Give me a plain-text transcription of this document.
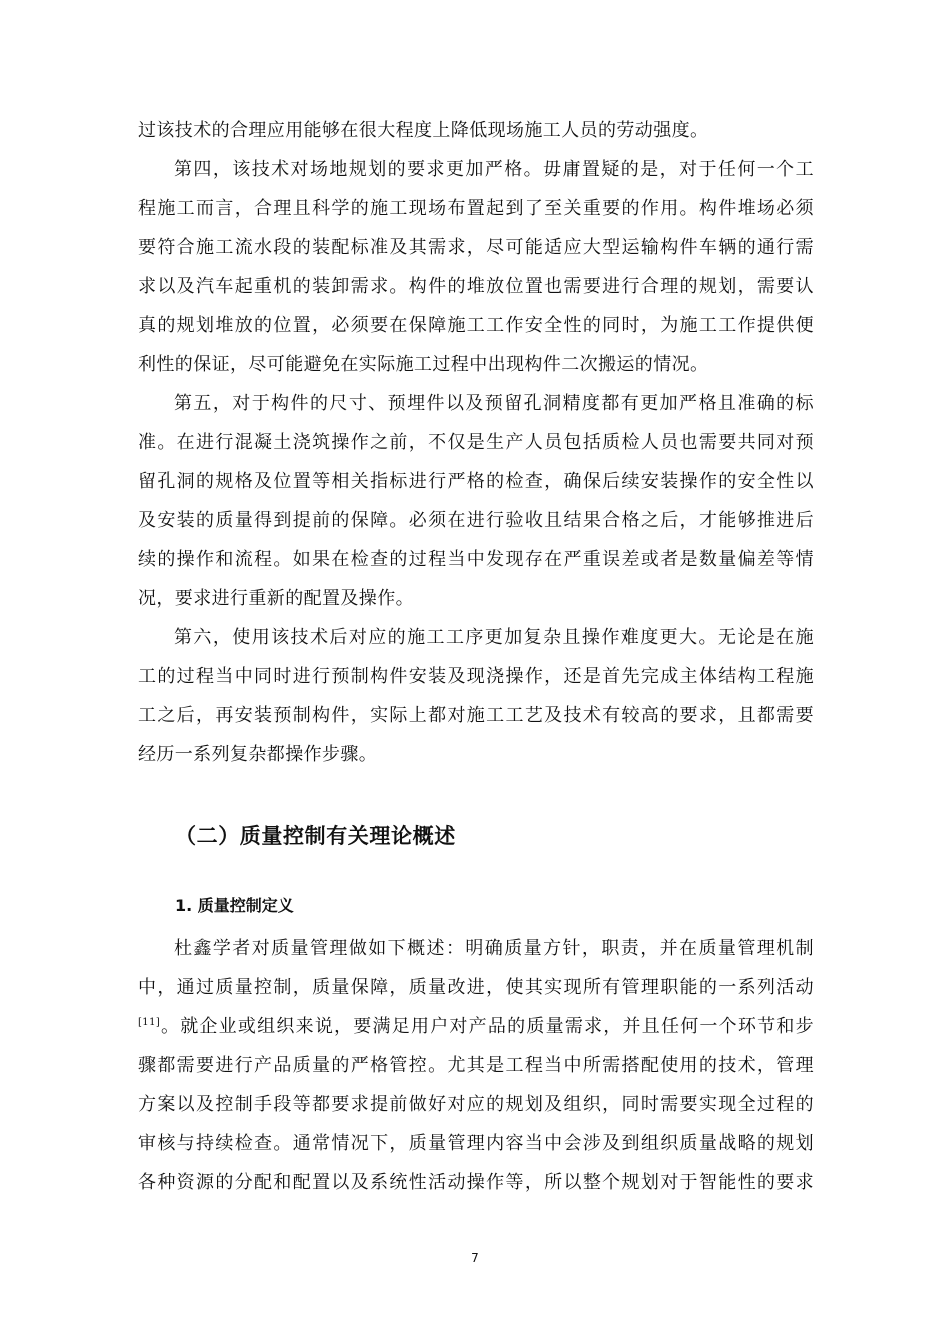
过该技术的合理应用能够在很大程度上降低现场施工人员的劳动强度。
第四，该技术对场地规划的要求更加严格。毋庸置疑的是，对于任何一个工
程施工而言，合理且科学的施工现场布置起到了至关重要的作用。构件堆场必须
要符合施工流水段的装配标准及其需求，尽可能适应大型运输构件车辆的通行需
求以及汽车起重机的装卸需求。构件的堆放位置也需要进行合理的规划，需要认
真的规划堆放的位置，必须要在保障施工工作安全性的同时，为施工工作提供便
利性的保证，尽可能避免在实际施工过程中出现构件二次搬运的情况。
第五，对于构件的尺寸、预埋件以及预留孔洞精度都有更加严格且准确的标
准。在进行混凝土浇筑操作之前，不仅是生产人员包括质检人员也需要共同对预
留孔洞的规格及位置等相关指标进行严格的检查，确保后续安装操作的安全性以
及安装的质量得到提前的保障。必须在进行验收且结果合格之后，才能够推进后
续的操作和流程。如果在检查的过程当中发现存在严重误差或者是数量偏差等情
况，要求进行重新的配置及操作。
第六，使用该技术后对应的施工工序更加复杂且操作难度更大。无论是在施
工的过程当中同时进行预制构件安装及现浇操作，还是首先完成主体结构工程施
工之后，再安装预制构件，实际上都对施工工艺及技术有较高的要求，且都需要
经历一系列复杂都操作步骤。
（二）质量控制有关理论概述
1. 质量控制定义
杜鑫学者对质量管理做如下概述：明确质量方针，职责，并在质量管理机制
中，通过质量控制，质量保障，质量改进，使其实现所有管理职能的一系列活动
[11]。就企业或组织来说，要满足用户对产品的质量需求，并且任何一个环节和步
骤都需要进行产品质量的严格管控。尤其是工程当中所需搭配使用的技术，管理
方案以及控制手段等都要求提前做好对应的规划及组织，同时需要实现全过程的
审核与持续检查。通常情况下，质量管理内容当中会涉及到组织质量战略的规划
各种资源的分配和配置以及系统性活动操作等，所以整个规划对于智能性的要求
7
